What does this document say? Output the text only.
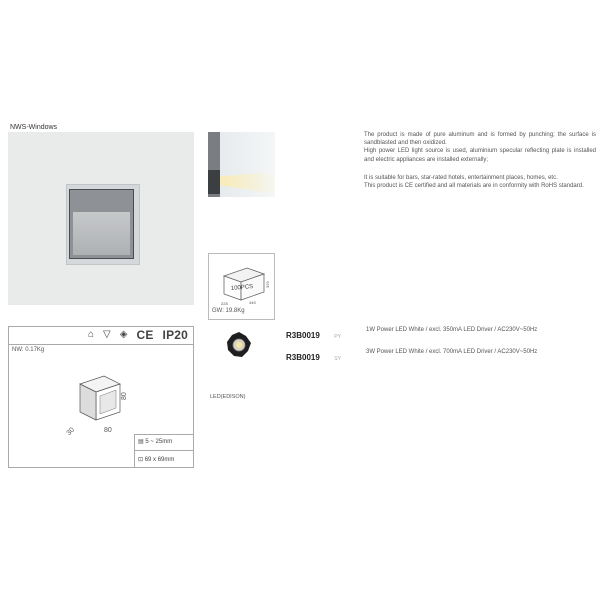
NWS-Windows

The product is made of pure aluminum and is formed by punching; the surface is sandblasted and then oxidized.

High power LED light source is used, aluminium specular reflecting plate is installed and electric appliances are installed externally;

It is suitable for bars, star-rated hotels, entertainment places, homes, etc.

This product is CE certified and all materials are in conformity with RoHS standard.

100PCS
228	445
329
GW: 19.8Kg
⌂ ▽ ◈ CE IP20
NW: 0.17Kg
80
80
30
▤ 5 ~ 25mm
⊡ 69 x 69mm
LED(EDISON)
R3B0019	PY
1W Power LED White / excl. 350mA LED Driver / AC230V~50Hz
R3B0019	SY
3W Power LED White / excl. 700mA LED Driver / AC230V~50Hz
